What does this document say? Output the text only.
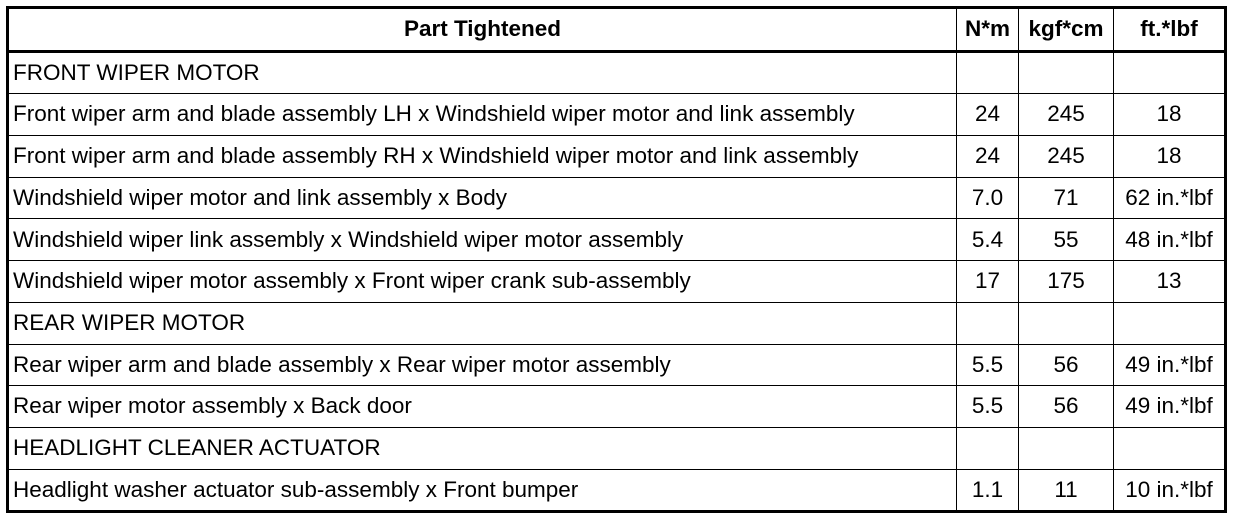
Part Tightened	N*m	kgf*cm	ft.*lbf
FRONT WIPER MOTOR			
Front wiper arm and blade assembly LH x Windshield wiper motor and link assembly	24	245	18
Front wiper arm and blade assembly RH x Windshield wiper motor and link assembly	24	245	18
Windshield wiper motor and link assembly x Body	7.0	71	62 in.*lbf
Windshield wiper link assembly x Windshield wiper motor assembly	5.4	55	48 in.*lbf
Windshield wiper motor assembly x Front wiper crank sub-assembly	17	175	13
REAR WIPER MOTOR			
Rear wiper arm and blade assembly x Rear wiper motor assembly	5.5	56	49 in.*lbf
Rear wiper motor assembly x Back door	5.5	56	49 in.*lbf
HEADLIGHT CLEANER ACTUATOR			
Headlight washer actuator sub-assembly x Front bumper	1.1	11	10 in.*lbf
